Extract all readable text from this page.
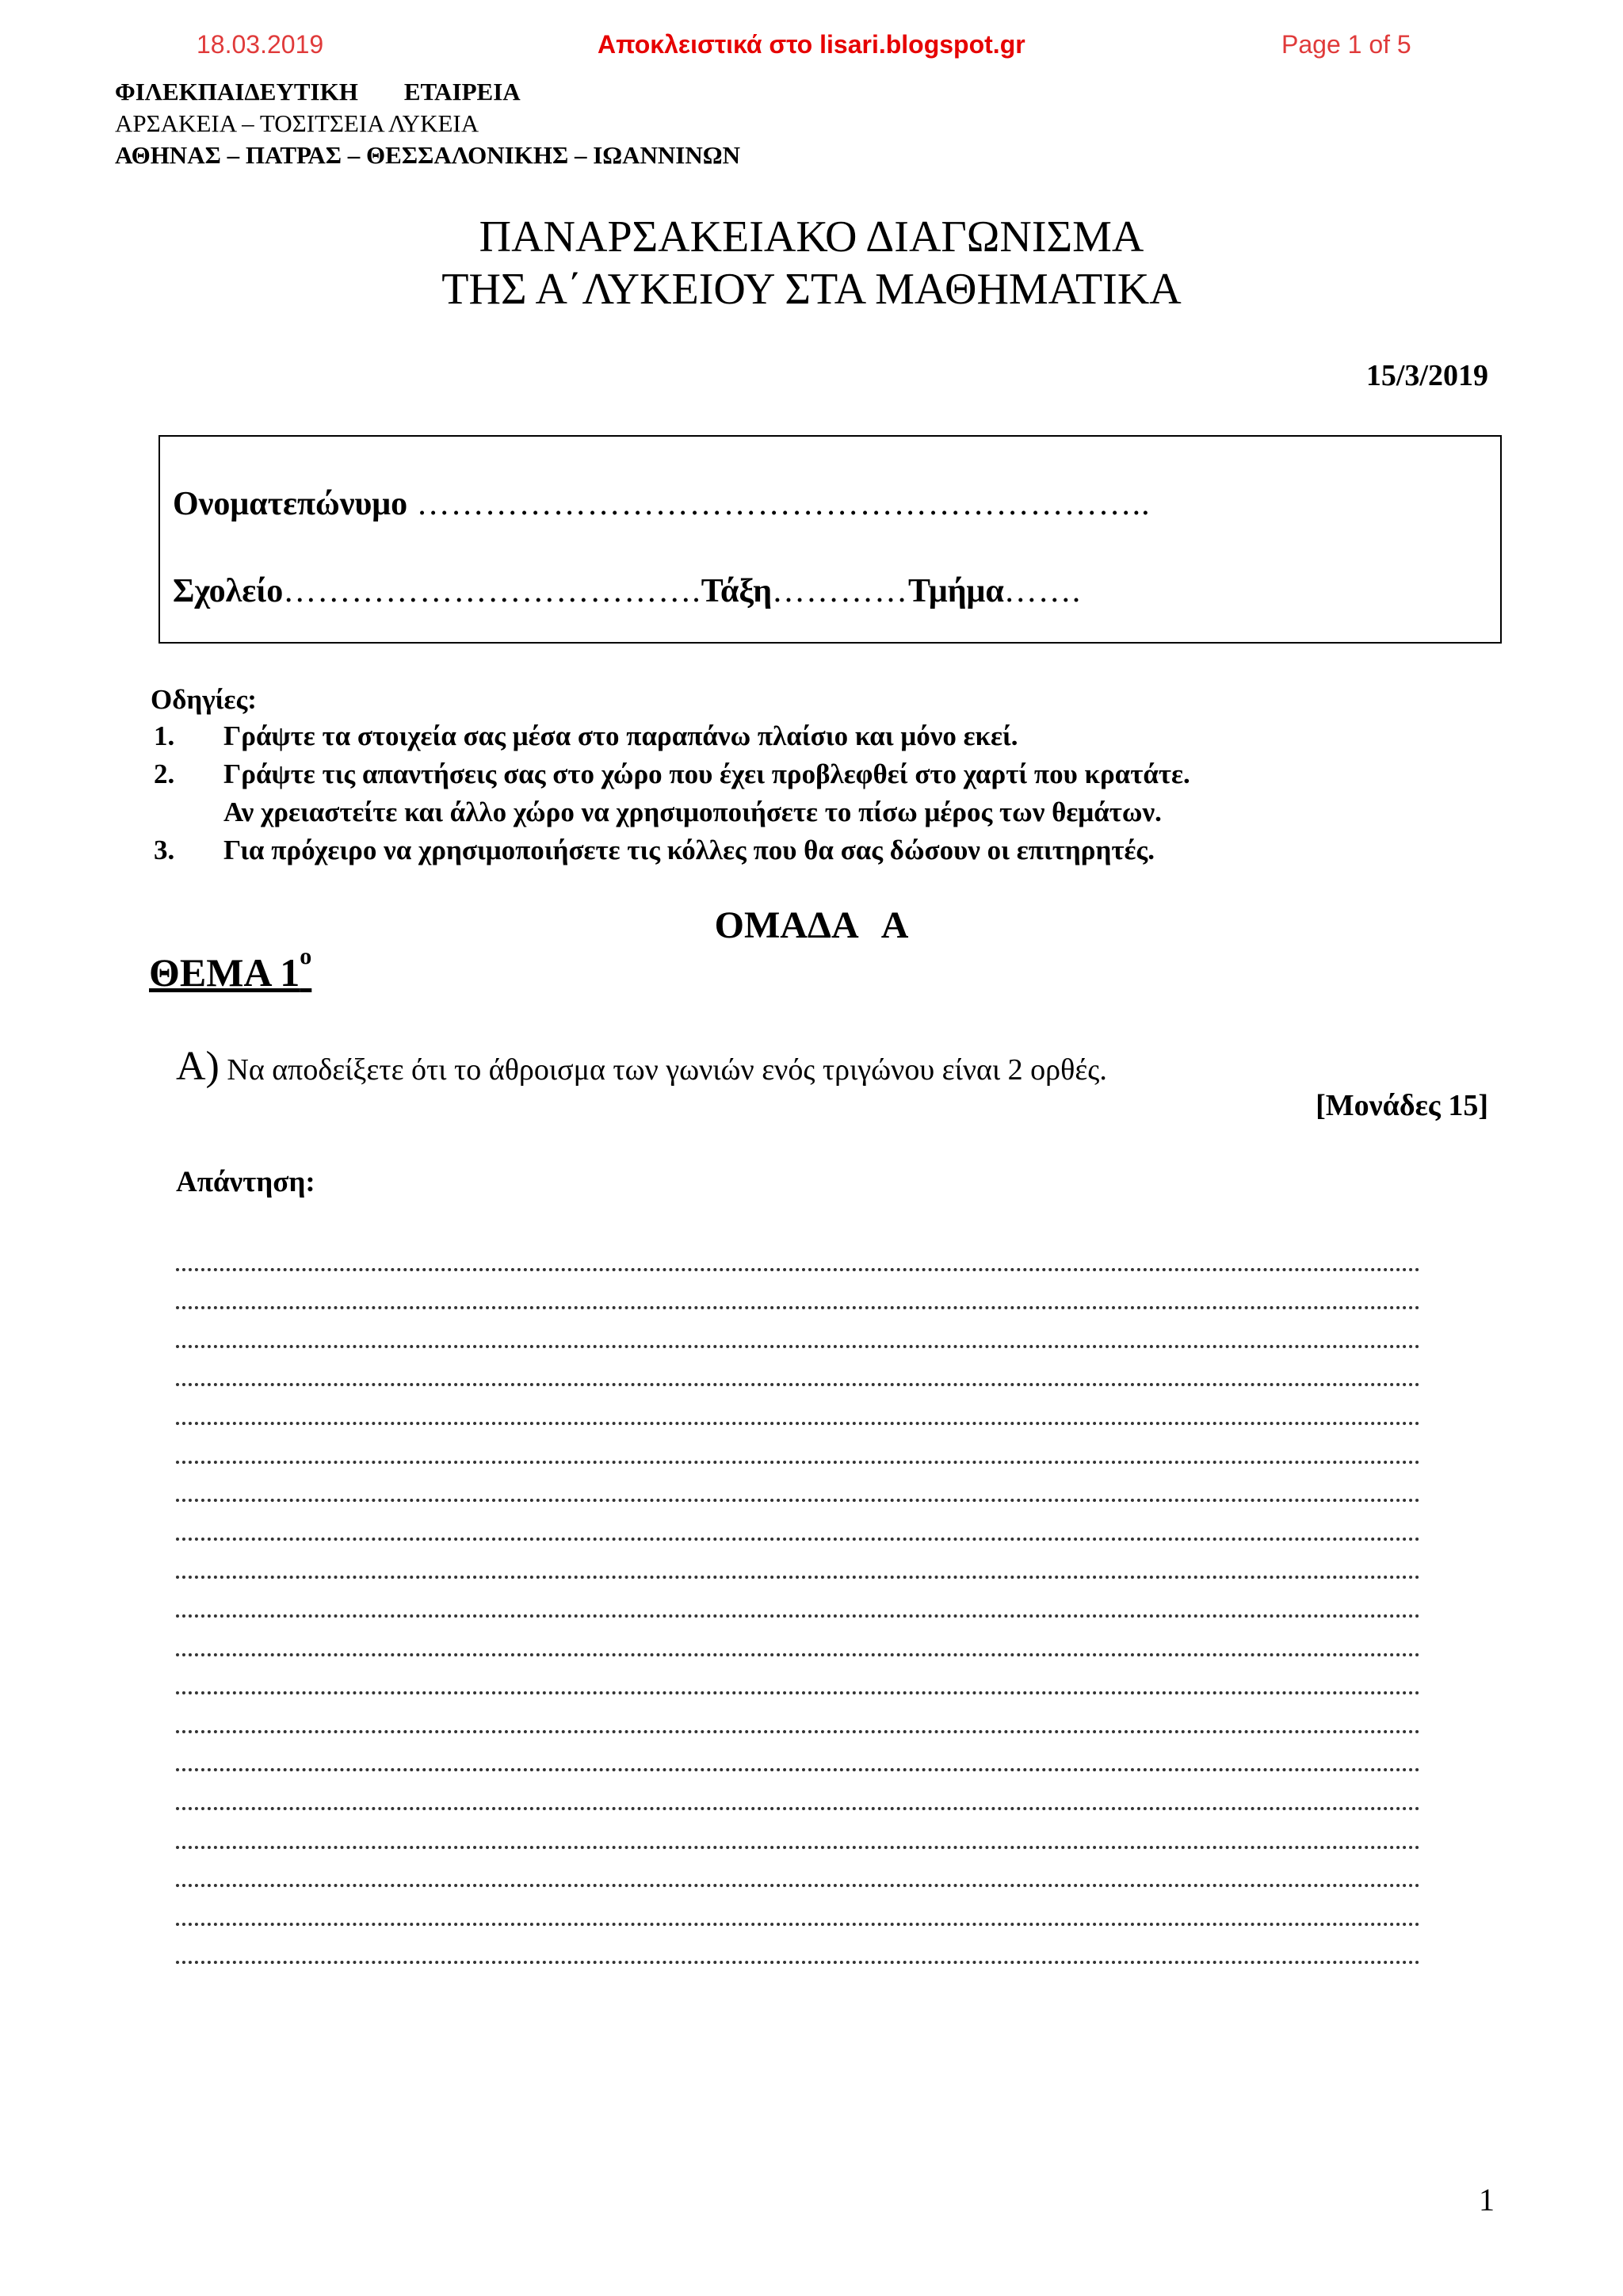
18.03.2019	Αποκλειστικά στο lisari.blogspot.gr	Page 1 of 5
ΦΙΛΕΚΠΑΙΔΕΥΤΙΚΗ ΕΤΑΙΡΕΙΑ
ΑΡΣΑΚΕΙΑ – ΤΟΣΙΤΣΕΙΑ ΛΥΚΕΙΑ
ΑΘΗΝΑΣ – ΠΑΤΡΑΣ – ΘΕΣΣΑΛΟΝΙΚΗΣ – ΙΩΑΝΝΙΝΩΝ
ΠΑΝΑΡΣΑΚΕΙΑΚΟ ΔΙΑΓΩΝΙΣΜΑ
ΤΗΣ Α΄ΛΥΚΕΙΟΥ ΣΤΑ ΜΑΘΗΜΑΤΙΚΑ
15/3/2019
Ονοματεπώνυμο ………………………………………………………..
Σχολείο……………………………….Τάξη…………Τμήμα…….
Οδηγίες:
1.	Γράψτε τα στοιχεία σας μέσα στο παραπάνω πλαίσιο και μόνο εκεί.
2.	Γράψτε τις απαντήσεις σας στο χώρο που έχει προβλεφθεί στο χαρτί που κρατάτε.
Αν χρειαστείτε και άλλο χώρο να χρησιμοποιήσετε το πίσω μέρος των θεμάτων.
3.	Για πρόχειρο να χρησιμοποιήσετε τις κόλλες που θα σας δώσουν οι επιτηρητές.
ΟΜΑΔΑ Α
ΘΕΜΑ $1^o$
Α) Να αποδείξετε ότι το άθροισμα των γωνιών ενός τριγώνου είναι 2 ορθές.
[Μονάδες 15]
Απάντηση:
1
